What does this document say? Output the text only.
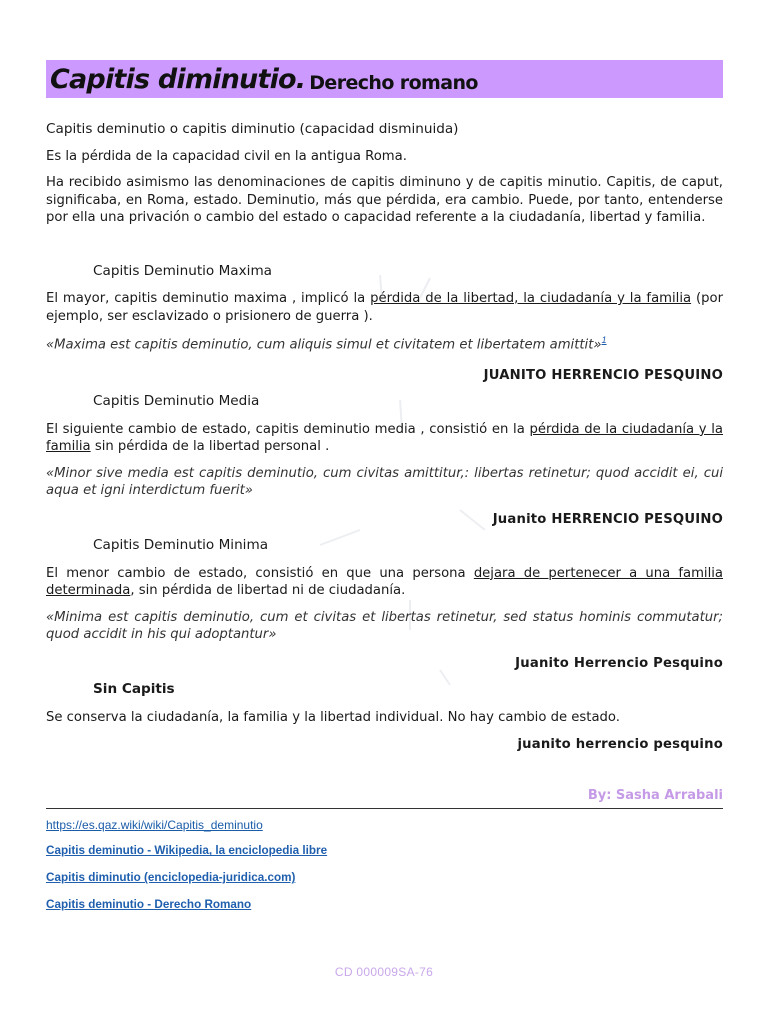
Capitis diminutio. Derecho romano

Capitis deminutio o capitis diminutio (capacidad disminuida)

Es la pérdida de la capacidad civil en la antigua Roma.

Ha recibido asimismo las denominaciones de capitis diminuno y de capitis minutio. Capitis, de caput, significaba, en Roma, estado. Deminutio, más que pérdida, era cambio. Puede, por tanto, entenderse por ella una privación o cambio del estado o capacidad referente a la ciudadanía, libertad y familia.

Capitis Deminutio Maxima

El mayor, capitis deminutio maxima , implicó la pérdida de la libertad, la ciudadanía y la familia (por ejemplo, ser esclavizado o prisionero de guerra ).

«Maxima est capitis deminutio, cum aliquis simul et civitatem et libertatem amittit»$^1$

JUANITO HERRENCIO PESQUINO

Capitis Deminutio Media

El siguiente cambio de estado, capitis deminutio media , consistió en la pérdida de la ciudadanía y la familia sin pérdida de la libertad personal .

«Minor sive media est capitis deminutio, cum civitas amittitur,: libertas retinetur; quod accidit ei, cui aqua et igni interdictum fuerit»

Juanito HERRENCIO PESQUINO

Capitis Deminutio Minima

El menor cambio de estado, consistió en que una persona dejara de pertenecer a una familia determinada, sin pérdida de libertad ni de ciudadanía.

«Minima est capitis deminutio, cum et civitas et libertas retinetur, sed status hominis commutatur; quod accidit in his qui adoptantur»

Juanito Herrencio Pesquino

Sin Capitis

Se conserva la ciudadanía, la familia y la libertad individual. No hay cambio de estado.

juanito herrencio pesquino

By: Sasha Arrabali

https://es.qaz.wiki/wiki/Capitis_deminutio

Capitis deminutio - Wikipedia, la enciclopedia libre

Capitis diminutio (enciclopedia-juridica.com)

Capitis deminutio - Derecho Romano

CD 000009SA-76
